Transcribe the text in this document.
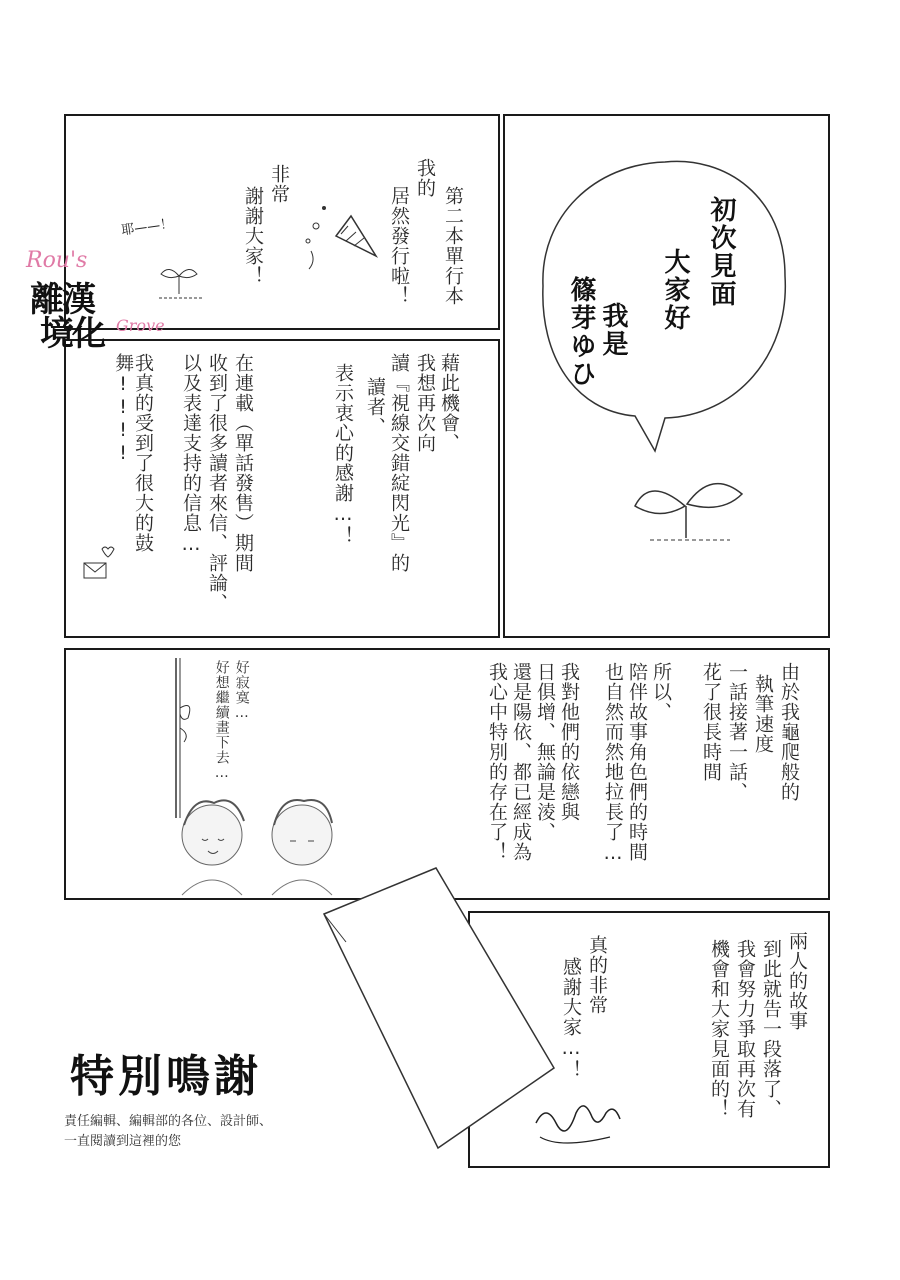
我的
第二本單行本
居然發行啦！
非常
謝謝大家！
耶——！	初次見面
大家好
我是
篠芽ゆひ
藉此機會、
我想再次向
讀『視線交錯綻閃光』的
讀者、
表示衷心的感謝…！
在連載（單話發售）期間
收到了很多讀者來信、評論、
以及表達支持的信息…
我真的受到了很大的鼓舞!!!!
Rou's
離漢
境化 Grove
由於我龜爬般的
執筆速度
一話接著一話、
花了很長時間
所以、
陪伴故事角色們的時間
也自然而然地拉長了…
我對他們的依戀與
日俱增、無論是淩、
還是陽依、都已經成為
我心中特別的存在了！
好寂寞…
好想繼續畫下去…
兩人的故事
到此就告一段落了、
我會努力爭取再次有
機會和大家見面的！
真的非常
感謝大家…！
特別鳴謝
責任編輯、編輯部的各位、設計師、
一直閱讀到這裡的您
